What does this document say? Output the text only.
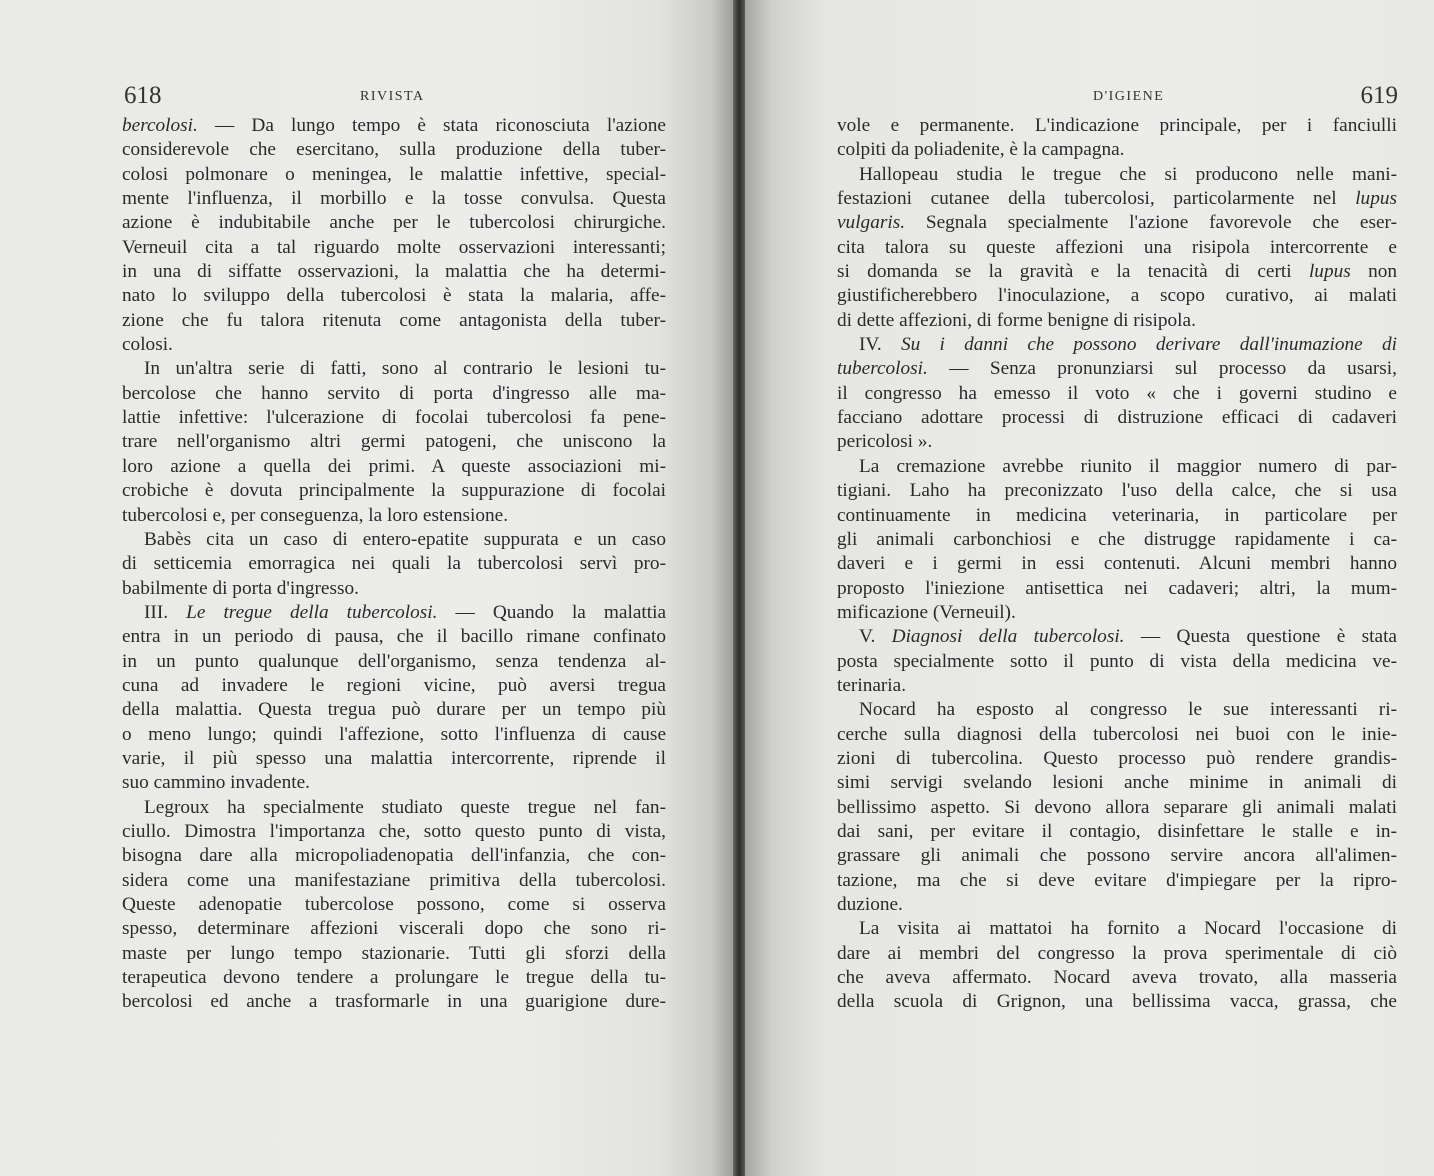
618	RIVISTA
bercolosi. — Da lungo tempo è stata riconosciuta l'azione
considerevole che esercitano, sulla produzione della tuber-
colosi polmonare o meningea, le malattie infettive, special-
mente l'influenza, il morbillo e la tosse convulsa. Questa
azione è indubitabile anche per le tubercolosi chirurgiche.
Verneuil cita a tal riguardo molte osservazioni interessanti;
in una di siffatte osservazioni, la malattia che ha determi-
nato lo sviluppo della tubercolosi è stata la malaria, affe-
zione che fu talora ritenuta come antagonista della tuber-
colosi.
In un'altra serie di fatti, sono al contrario le lesioni tu-
bercolose che hanno servito di porta d'ingresso alle ma-
lattie infettive: l'ulcerazione di focolai tubercolosi fa pene-
trare nell'organismo altri germi patogeni, che uniscono la
loro azione a quella dei primi. A queste associazioni mi-
crobiche è dovuta principalmente la suppurazione di focolai
tubercolosi e, per conseguenza, la loro estensione.
Babès cita un caso di entero-epatite suppurata e un caso
di setticemia emorragica nei quali la tubercolosi servì pro-
babilmente di porta d'ingresso.
III. Le tregue della tubercolosi. — Quando la malattia
entra in un periodo di pausa, che il bacillo rimane confinato
in un punto qualunque dell'organismo, senza tendenza al-
cuna ad invadere le regioni vicine, può aversi tregua
della malattia. Questa tregua può durare per un tempo più
o meno lungo; quindi l'affezione, sotto l'influenza di cause
varie, il più spesso una malattia intercorrente, riprende il
suo cammino invadente.
Legroux ha specialmente studiato queste tregue nel fan-
ciullo. Dimostra l'importanza che, sotto questo punto di vista,
bisogna dare alla micropoliadenopatia dell'infanzia, che con-
sidera come una manifestaziane primitiva della tubercolosi.
Queste adenopatie tubercolose possono, come si osserva
spesso, determinare affezioni viscerali dopo che sono ri-
maste per lungo tempo stazionarie. Tutti gli sforzi della
terapeutica devono tendere a prolungare le tregue della tu-
bercolosi ed anche a trasformarle in una guarigione dure-
D'IGIENE	619
vole e permanente. L'indicazione principale, per i fanciulli
colpiti da poliadenite, è la campagna.
Hallopeau studia le tregue che si producono nelle mani-
festazioni cutanee della tubercolosi, particolarmente nel lupus
vulgaris. Segnala specialmente l'azione favorevole che eser-
cita talora su queste affezioni una risipola intercorrente e
si domanda se la gravità e la tenacità di certi lupus non
giustificherebbero l'inoculazione, a scopo curativo, ai malati
di dette affezioni, di forme benigne di risipola.
IV. Su i danni che possono derivare dall'inumazione di
tubercolosi. — Senza pronunziarsi sul processo da usarsi,
il congresso ha emesso il voto « che i governi studino e
facciano adottare processi di distruzione efficaci di cadaveri
pericolosi ».
La cremazione avrebbe riunito il maggior numero di par-
tigiani. Laho ha preconizzato l'uso della calce, che si usa
continuamente in medicina veterinaria, in particolare per
gli animali carbonchiosi e che distrugge rapidamente i ca-
daveri e i germi in essi contenuti. Alcuni membri hanno
proposto l'iniezione antisettica nei cadaveri; altri, la mum-
mificazione (Verneuil).
V. Diagnosi della tubercolosi. — Questa questione è stata
posta specialmente sotto il punto di vista della medicina ve-
terinaria.
Nocard ha esposto al congresso le sue interessanti ri-
cerche sulla diagnosi della tubercolosi nei buoi con le inie-
zioni di tubercolina. Questo processo può rendere grandis-
simi servigi svelando lesioni anche minime in animali di
bellissimo aspetto. Si devono allora separare gli animali malati
dai sani, per evitare il contagio, disinfettare le stalle e in-
grassare gli animali che possono servire ancora all'alimen-
tazione, ma che si deve evitare d'impiegare per la ripro-
duzione.
La visita ai mattatoi ha fornito a Nocard l'occasione di
dare ai membri del congresso la prova sperimentale di ciò
che aveva affermato. Nocard aveva trovato, alla masseria
della scuola di Grignon, una bellissima vacca, grassa, che
